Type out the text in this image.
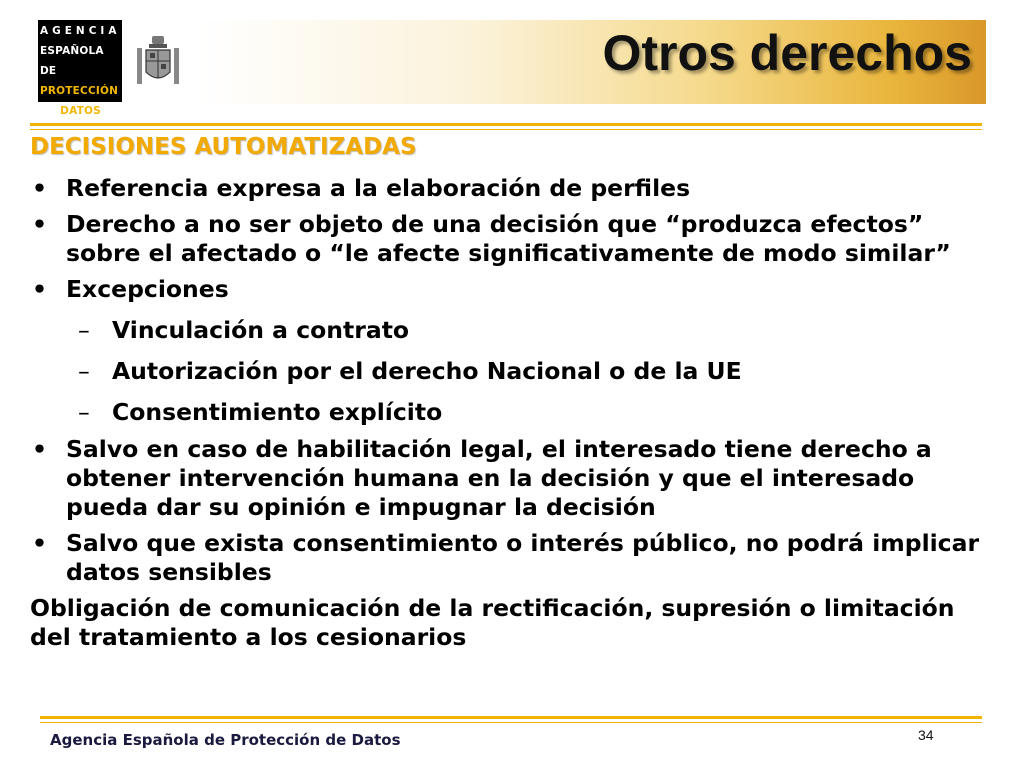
AGENCIA
ESPAÑOLA DE
PROTECCIÓN
DE DATOS
Otros derechos
DECISIONES AUTOMATIZADAS
• Referencia expresa a la elaboración de perfiles
• Derecho a no ser objeto de una decisión que “produzca efectos” sobre el afectado o “le afecte significativamente de modo similar”
• Excepciones
– Vinculación a contrato
– Autorización por el derecho Nacional o de la UE
– Consentimiento explícito
• Salvo en caso de habilitación legal, el interesado tiene derecho a obtener intervención humana en la decisión y que el interesado pueda dar su opinión e impugnar la decisión
• Salvo que exista consentimiento o interés público, no podrá implicar datos sensibles
Obligación de comunicación de la rectificación, supresión o limitación del tratamiento a los cesionarios
Agencia Española de Protección de Datos	34
